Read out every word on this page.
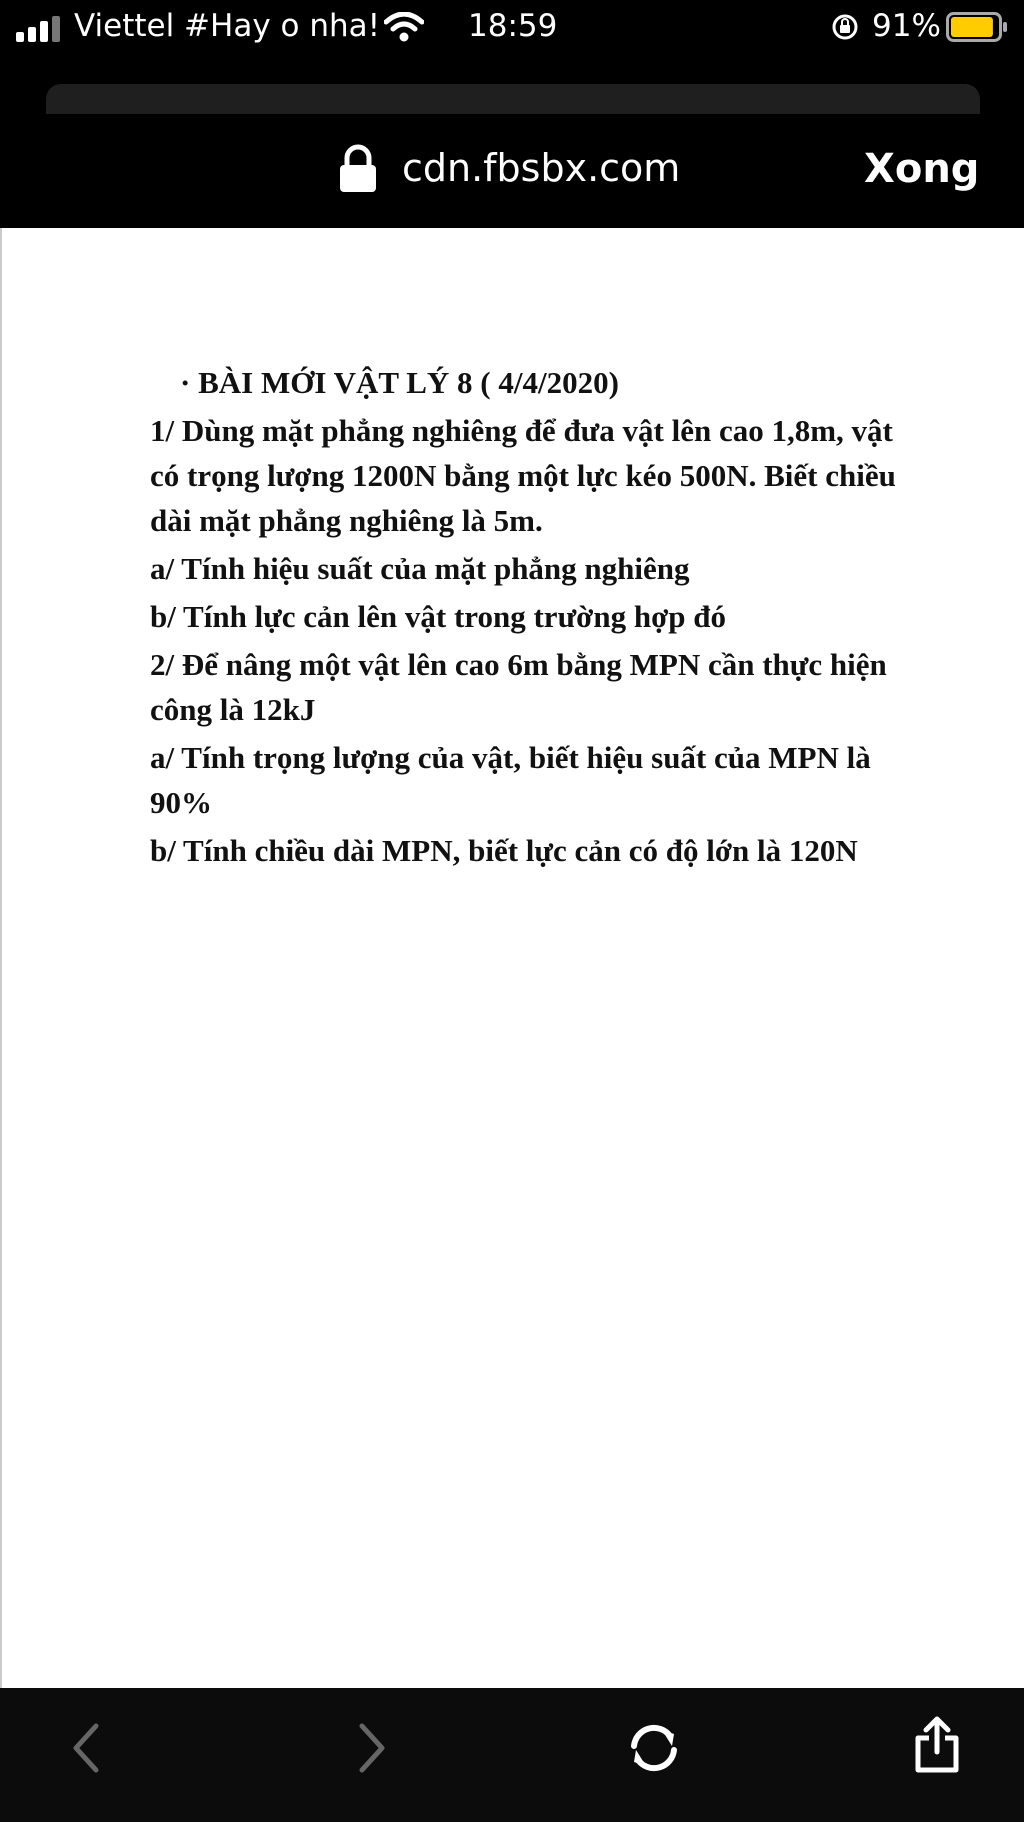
Viettel #Hay o nha!	18:59	91%
cdn.fbsbx.com	Xong

· BÀI MỚI VẬT LÝ 8 ( 4/4/2020)

1/ Dùng mặt phẳng nghiêng để đưa vật lên cao 1,8m, vật có trọng lượng 1200N bằng một lực kéo 500N. Biết chiều dài mặt phẳng nghiêng là 5m.

a/ Tính hiệu suất của mặt phẳng nghiêng

b/ Tính lực cản lên vật trong trường hợp đó

2/ Để nâng một vật lên cao 6m bằng MPN cần thực hiện công là 12kJ

a/ Tính trọng lượng của vật, biết hiệu suất của MPN là 90%

b/ Tính chiều dài MPN, biết lực cản có độ lớn là 120N
